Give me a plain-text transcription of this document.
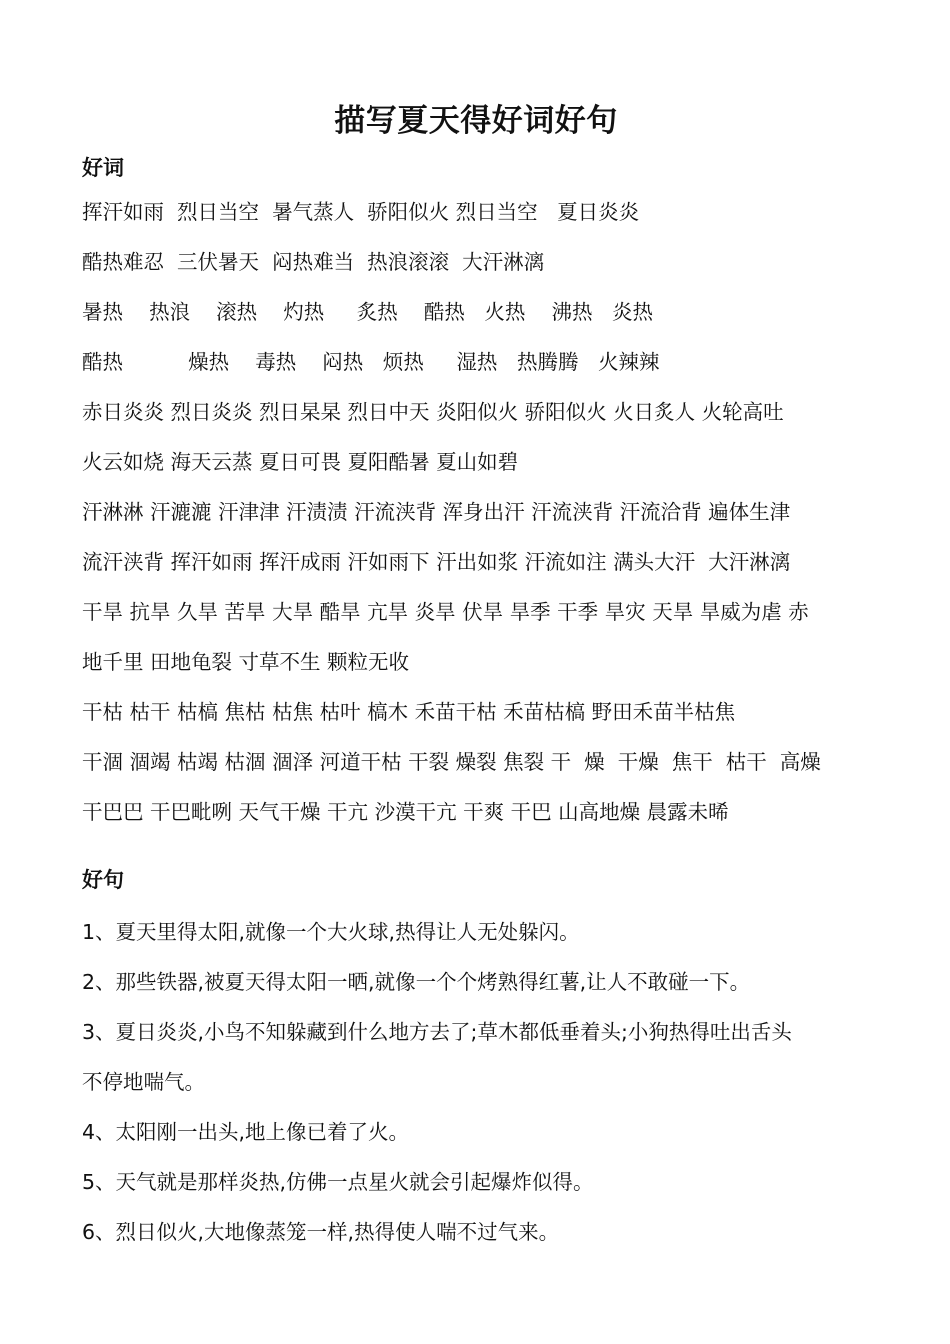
描写夏天得好词好句
好词

挥汗如雨  烈日当空  暑气蒸人  骄阳似火 烈日当空   夏日炎炎

酷热难忍  三伏暑天  闷热难当  热浪滚滚  大汗淋漓

暑热    热浪    滚热    灼热     炙热    酷热   火热    沸热   炎热

酷热          燥热    毒热    闷热   烦热     湿热   热腾腾   火辣辣

赤日炎炎 烈日炎炎 烈日杲杲 烈日中天 炎阳似火 骄阳似火 火日炙人 火轮高吐

火云如烧 海天云蒸 夏日可畏 夏阳酷暑 夏山如碧

汗淋淋 汗漉漉 汗津津 汗渍渍 汗流浃背 浑身出汗 汗流浃背 汗流洽背 遍体生津

流汗浃背 挥汗如雨 挥汗成雨 汗如雨下 汗出如浆 汗流如注 满头大汗  大汗淋漓

干旱 抗旱 久旱 苦旱 大旱 酷旱 亢旱 炎旱 伏旱 旱季 干季 旱灾 天旱 旱威为虐 赤

地千里 田地龟裂 寸草不生 颗粒无收

干枯 枯干 枯槁 焦枯 枯焦 枯叶 槁木 禾苗干枯 禾苗枯槁 野田禾苗半枯焦

干涸 涸竭 枯竭 枯涸 涸泽 河道干枯 干裂 燥裂 焦裂 干  燥  干燥  焦干  枯干  高燥

干巴巴 干巴毗咧 天气干燥 干亢 沙漠干亢 干爽 干巴 山高地燥 晨露未晞

好句

1、夏天里得太阳,就像一个大火球,热得让人无处躲闪。

2、那些铁器,被夏天得太阳一晒,就像一个个烤熟得红薯,让人不敢碰一下。

3、夏日炎炎,小鸟不知躲藏到什么地方去了;草木都低垂着头;小狗热得吐出舌头

不停地喘气。

4、太阳刚一出头,地上像已着了火。

5、天气就是那样炎热,仿佛一点星火就会引起爆炸似得。

6、烈日似火,大地像蒸笼一样,热得使人喘不过气来。
